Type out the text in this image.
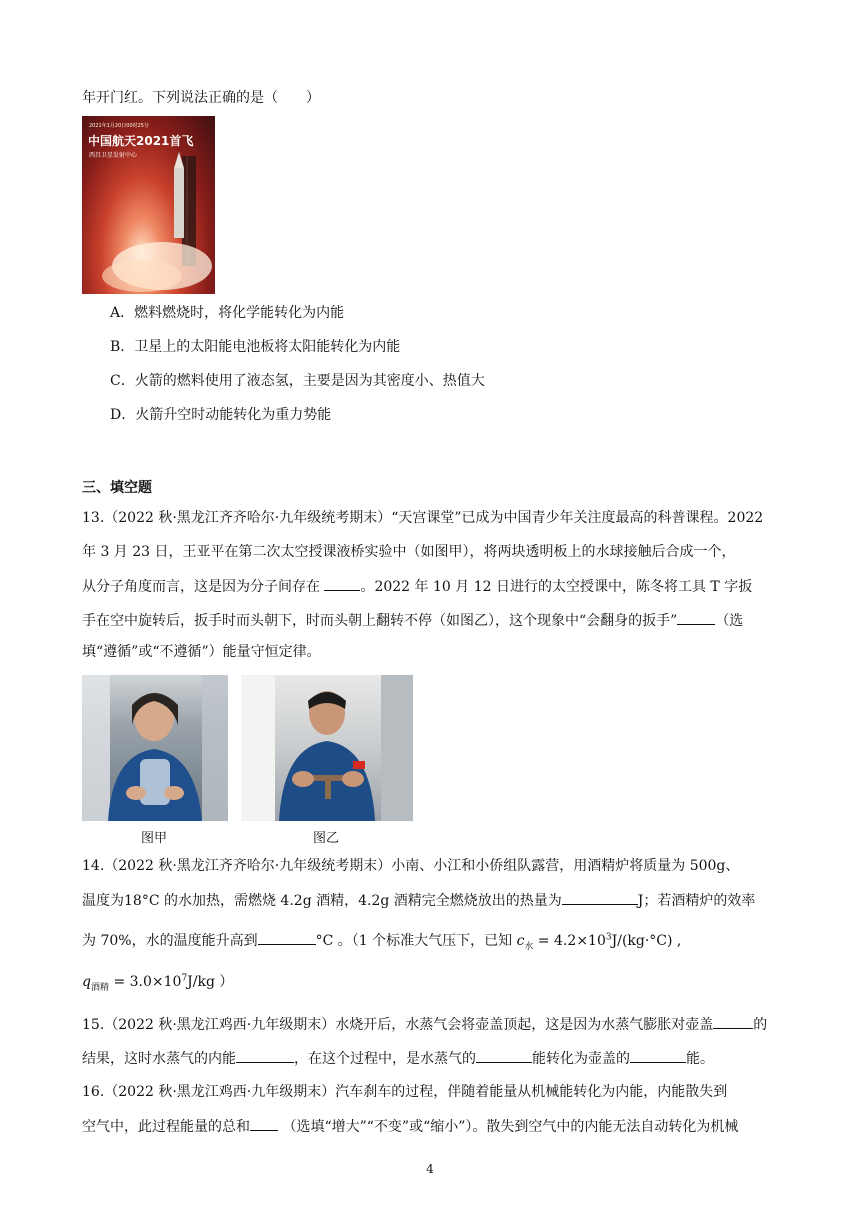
年开门红。下列说法正确的是（　　）
2021年1月20日00时25分
中国航天2021首飞
西昌卫星发射中心
A．燃料燃烧时，将化学能转化为内能
B．卫星上的太阳能电池板将太阳能转化为内能
C．火箭的燃料使用了液态氢，主要是因为其密度小、热值大
D．火箭升空时动能转化为重力势能
三、填空题
13.（2022 秋·黑龙江齐齐哈尔·九年级统考期末）“天宫课堂”已成为中国青少年关注度最高的科普课程。2022
年 3 月 23 日，王亚平在第二次太空授课液桥实验中（如图甲），将两块透明板上的水球接触后合成一个，
从分子角度而言，这是因为分子间存在	。2022 年 10 月 12 日进行的太空授课中，陈冬将工具 T 字扳
手在空中旋转后，扳手时而头朝下，时而头朝上翻转不停（如图乙），这个现象中“会翻身的扳手”	（选
填“遵循”或“不遵循”）能量守恒定律。
图甲	图乙
14.（2022 秋·黑龙江齐齐哈尔·九年级统考期末）小南、小江和小侨组队露营，用酒精炉将质量为 500g、
温度为18°C 的水加热，需燃烧 4.2g 酒精，4.2g 酒精完全燃烧放出的热量为	J；若酒精炉的效率
为 70%，水的温度能升高到	°C 。（1 个标准大气压下，已知 $c_水 = 4.2\times 10^3J/(kg\cdot^\circ C)$ ,
$q_{酒精} = 3.0\times 10^7J/kg$ ）
15.（2022 秋·黑龙江鸡西·九年级期末）水烧开后，水蒸气会将壶盖顶起，这是因为水蒸气膨胀对壶盖	的
结果，这时水蒸气的内能	，在这个过程中，是水蒸气的	能转化为壶盖的	能。
16.（2022 秋·黑龙江鸡西·九年级期末）汽车刹车的过程，伴随着能量从机械能转化为内能，内能散失到
空气中，此过程能量的总和 （选填“增大”“不变”或“缩小”）。散失到空气中的内能无法自动转化为机械
4
